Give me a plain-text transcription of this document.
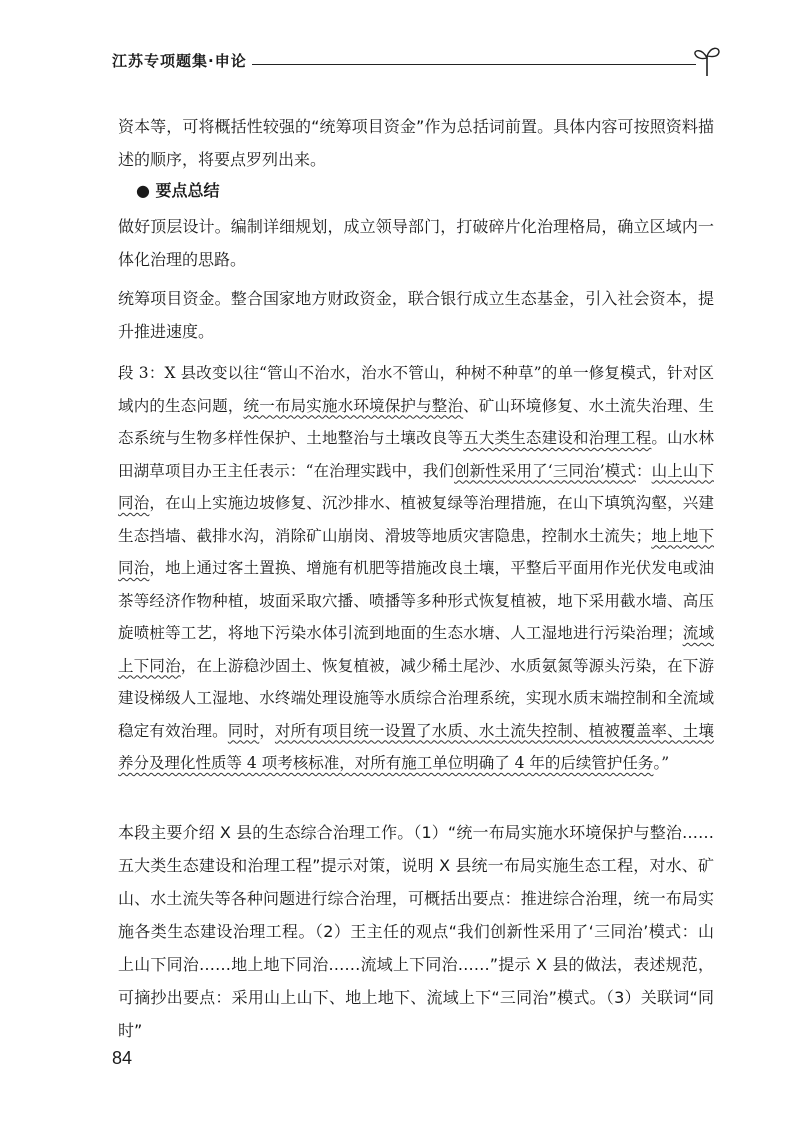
江苏专项题集·申论

资本等，可将概括性较强的“统筹项目资金”作为总括词前置。具体内容可按照资料描述的顺序，将要点罗列出来。

● 要点总结

做好顶层设计。编制详细规划，成立领导部门，打破碎片化治理格局，确立区域内一体化治理的思路。

统筹项目资金。整合国家地方财政资金，联合银行成立生态基金，引入社会资本，提升推进速度。

段 3：X 县改变以往“管山不治水，治水不管山，种树不种草”的单一修复模式，针对区域内的生态问题，统一布局实施水环境保护与整治、矿山环境修复、水土流失治理、生态系统与生物多样性保护、土地整治与土壤改良等五大类生态建设和治理工程。山水林田湖草项目办王主任表示：“在治理实践中，我们创新性采用了‘三同治’模式：山上山下同治，在山上实施边坡修复、沉沙排水、植被复绿等治理措施，在山下填筑沟壑，兴建生态挡墙、截排水沟，消除矿山崩岗、滑坡等地质灾害隐患，控制水土流失；地上地下同治，地上通过客土置换、增施有机肥等措施改良土壤，平整后平面用作光伏发电或油茶等经济作物种植，坡面采取穴播、喷播等多种形式恢复植被，地下采用截水墙、高压旋喷桩等工艺，将地下污染水体引流到地面的生态水塘、人工湿地进行污染治理；流域上下同治，在上游稳沙固土、恢复植被，减少稀土尾沙、水质氨氮等源头污染，在下游建设梯级人工湿地、水终端处理设施等水质综合治理系统，实现水质末端控制和全流域稳定有效治理。同时，对所有项目统一设置了水质、水土流失控制、植被覆盖率、土壤养分及理化性质等 4 项考核标准，对所有施工单位明确了 4 年的后续管护任务。”

本段主要介绍 X 县的生态综合治理工作。（1）“统一布局实施水环境保护与整治……五大类生态建设和治理工程”提示对策，说明 X 县统一布局实施生态工程，对水、矿山、水土流失等各种问题进行综合治理，可概括出要点：推进综合治理，统一布局实施各类生态建设治理工程。（2）王主任的观点“我们创新性采用了‘三同治’模式：山上山下同治……地上地下同治……流域上下同治……”提示 X 县的做法，表述规范，可摘抄出要点：采用山上山下、地上地下、流域上下“三同治”模式。（3）关联词“同时”

84
